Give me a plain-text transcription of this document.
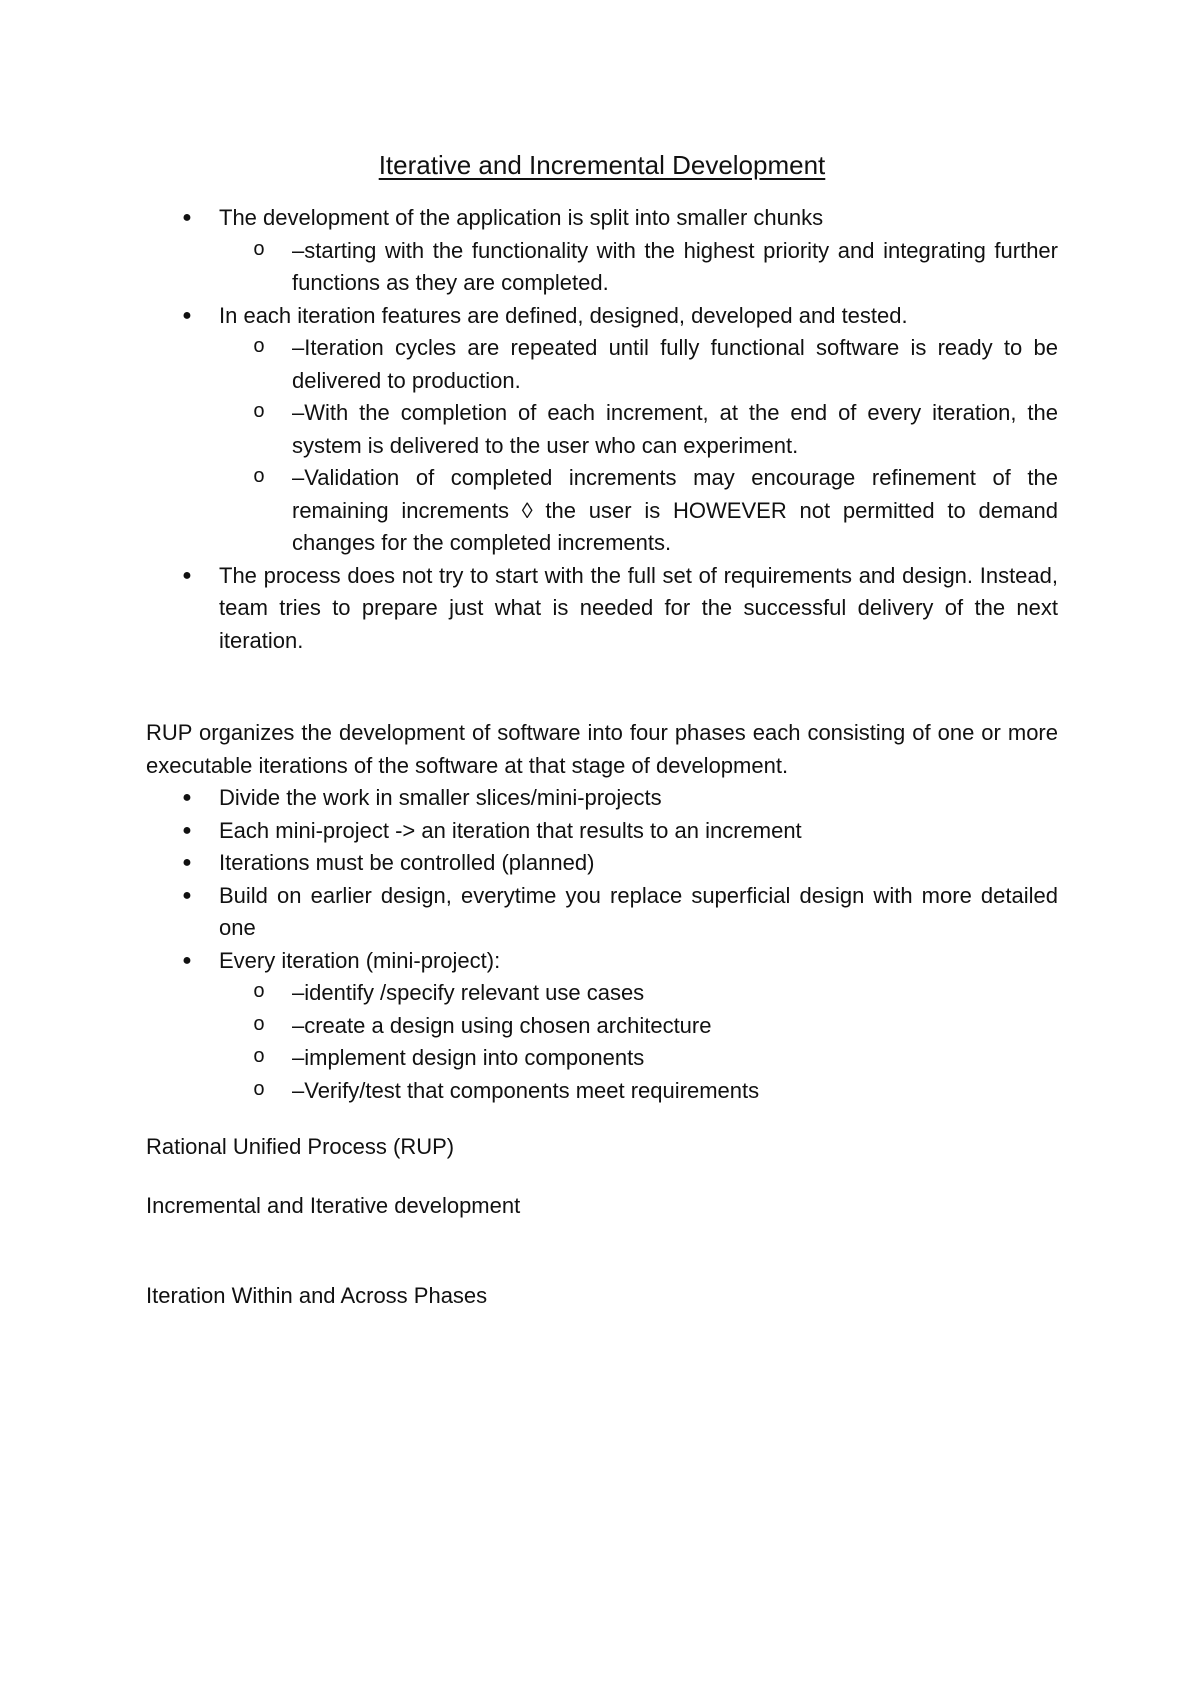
Iterative and Incremental Development
● The development of the application is split into smaller chunks
o	–starting with the functionality with the highest priority and integrating further functions as they are completed.
● In each iteration features are defined, designed, developed and tested.
o	–Iteration cycles are repeated until fully functional software is ready to be delivered to production.
o	–With the completion of each increment, at the end of every iteration, the system is delivered to the user who can experiment.
o	–Validation of completed increments may encourage refinement of the remaining increments ◊ the user is HOWEVER not permitted to demand changes for the completed increments.
● The process does not try to start with the full set of requirements and design. Instead, team tries to prepare just what is needed for the successful delivery of the next iteration.

RUP organizes the development of software into four phases each consisting of one or more executable iterations of the software at that stage of development.

● Divide the work in smaller slices/mini-projects
● Each mini-project -> an iteration that results to an increment
● Iterations must be controlled (planned)
● Build on earlier design, everytime you replace superficial design with more detailed one
● Every iteration (mini-project):
o	–identify /specify relevant use cases
o	–create a design using chosen architecture
o	–implement design into components
o	–Verify/test that components meet requirements

Rational Unified Process (RUP)

Incremental and Iterative development

Iteration Within and Across Phases
